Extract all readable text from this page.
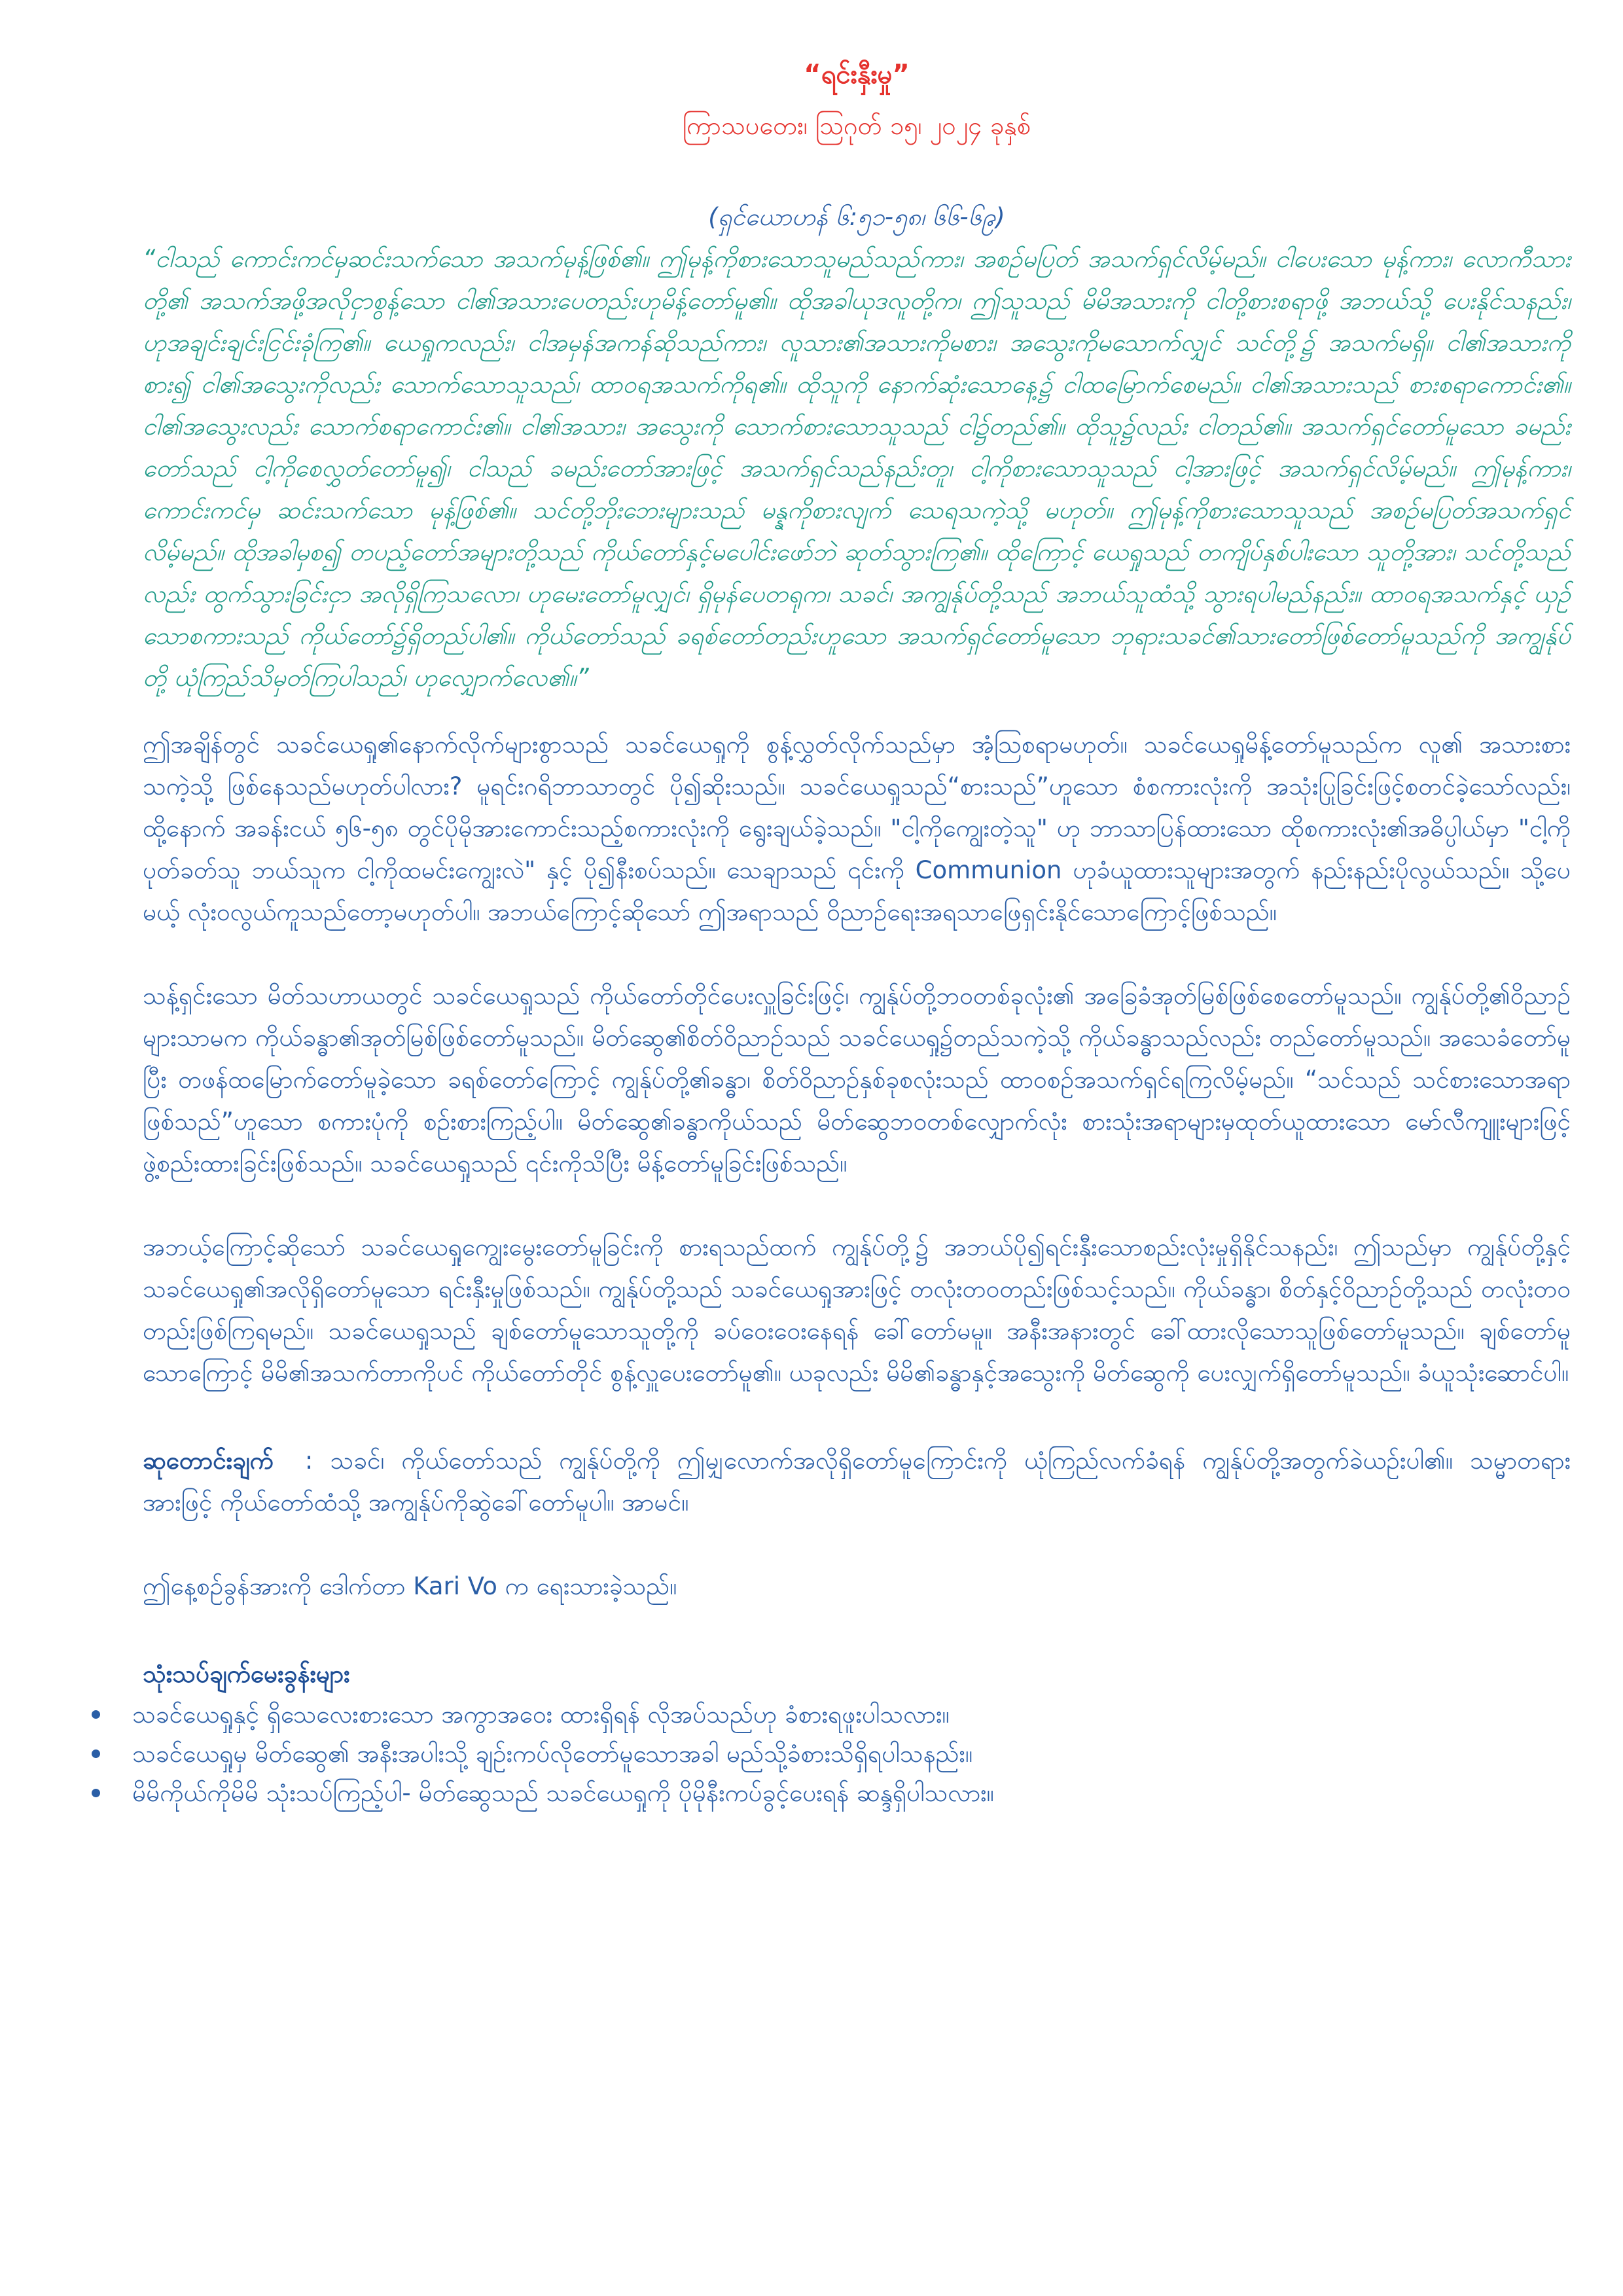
“ရင်းနှီးမှု”

ကြာသပတေး၊ ဩဂုတ် ၁၅၊ ၂၀၂၄ ခုနှစ်

(ရှင်ယောဟန် ၆:၅၁-၅၈၊ ၆၆-၆၉)

“ငါသည် ကောင်းကင်မှဆင်းသက်သော အသက်မုန့်ဖြစ်၏။ ဤမုန့်ကိုစားသောသူမည်သည်ကား၊ အစဉ်မပြတ် အသက်ရှင်လိမ့်မည်။ ငါပေးသော မုန့်ကား၊ လောကီသားတို့၏ အသက်အဖို့အလိုငှာစွန့်သော ငါ၏အသားပေတည်းဟုမိန့်တော်မူ၏။ ထိုအခါယုဒလူတို့က၊ ဤသူသည် မိမိအသားကို ငါတို့စားစရာဖို့ အဘယ်သို့ ပေးနိုင်သနည်း၊ ဟုအချင်းချင်းငြင်းခုံကြ၏။ ယေရှုကလည်း၊ ငါအမှန်အကန်ဆိုသည်ကား၊ လူသား၏အသားကိုမစား၊ အသွေးကိုမသောက်လျှင် သင်တို့၌ အသက်မရှိ။ ငါ၏အသားကိုစား၍ ငါ၏အသွေးကိုလည်း သောက်သောသူသည်၊ ထာဝရအသက်ကိုရ၏။ ထိုသူကို နောက်ဆုံးသောနေ့၌ ငါထမြောက်စေမည်။ ငါ၏အသားသည် စားစရာကောင်း၏။ ငါ၏အသွေးလည်း သောက်စရာကောင်း၏။ ငါ၏အသား၊ အသွေးကို သောက်စားသောသူသည် ငါ၌တည်၏။ ထိုသူ၌လည်း ငါတည်၏။ အသက်ရှင်တော်မူသော ခမည်းတော်သည် ငါ့ကိုစေလွှတ်တော်မူ၍၊ ငါသည် ခမည်းတော်အားဖြင့် အသက်ရှင်သည်နည်းတူ၊ ငါ့ကိုစားသောသူသည် ငါ့အားဖြင့် အသက်ရှင်လိမ့်မည်။ ဤမုန့်ကား၊ ကောင်းကင်မှ ဆင်းသက်သော မုန့်ဖြစ်၏။ သင်တို့ဘိုးဘေးများသည် မန္နကိုစားလျက် သေရသကဲ့သို့ မဟုတ်။ ဤမုန့်ကိုစားသောသူသည် အစဉ်မပြတ်အသက်ရှင်လိမ့်မည်။ ထိုအခါမှစ၍ တပည့်တော်အများတို့သည် ကိုယ်တော်နှင့်မပေါင်းဖော်ဘဲ ဆုတ်သွားကြ၏။ ထိုကြောင့် ယေရှုသည် တကျိပ်နှစ်ပါးသော သူတို့အား၊ သင်တို့သည်လည်း ထွက်သွားခြင်းငှာ အလိုရှိကြသလော၊ ဟုမေးတော်မူလျှင်၊ ရှိမုန်ပေတရုက၊ သခင်၊ အကျွန်ုပ်တို့သည် အဘယ်သူထံသို့ သွားရပါမည်နည်း။ ထာဝရအသက်နှင့် ယှဉ်သောစကားသည် ကိုယ်တော်၌ရှိတည်ပါ၏။ ကိုယ်တော်သည် ခရစ်တော်တည်းဟူသော အသက်ရှင်တော်မူသော ဘုရားသခင်၏သားတော်ဖြစ်တော်မူသည်ကို အကျွန်ုပ်တို့ ယုံကြည်သိမှတ်ကြပါသည်၊ ဟုလျှောက်လေ၏။”

ဤအချိန်တွင် သခင်ယေရှု၏နောက်လိုက်များစွာသည် သခင်ယေရှုကို စွန့်လွှတ်လိုက်သည်မှာ အံ့ဩစရာမဟုတ်။ သခင်ယေရှုမိန့်တော်မူသည်က လူ၏ အသားစားသကဲ့သို့ ဖြစ်နေသည်မဟုတ်ပါလား? မူရင်းဂရိဘာသာတွင် ပို၍ဆိုးသည်။ သခင်ယေရှုသည်“စားသည်”ဟူသော စံစကားလုံးကို အသုံးပြုခြင်းဖြင့်စတင်ခဲ့သော်လည်း၊ ထို့နောက် အခန်းငယ် ၅၆-၅၈ တွင်ပိုမိုအားကောင်းသည့်စကားလုံးကို ရွေးချယ်ခဲ့သည်။ "ငါ့ကိုကျွေးတဲ့သူ" ဟု ဘာသာပြန်ထားသော ထိုစကားလုံး၏အဓိပ္ပါယ်မှာ "ငါ့ကိုပုတ်ခတ်သူ ဘယ်သူက ငါ့ကိုထမင်းကျွေးလဲ" နှင့် ပို၍နီးစပ်သည်။ သေချာသည် ၎င်းကို Communion ဟုခံယူထားသူများအတွက် နည်းနည်းပိုလွယ်သည်။ သို့ပေမယ့် လုံးဝလွယ်ကူသည်တော့မဟုတ်ပါ။ အဘယ်ကြောင့်ဆိုသော် ဤအရာသည် ဝိညာဉ်ရေးအရသာဖြေရှင်းနိုင်သောကြောင့်ဖြစ်သည်။

သန့်ရှင်းသော မိတ်သဟာယတွင် သခင်ယေရှုသည် ကိုယ်တော်တိုင်ပေးလှူခြင်းဖြင့်၊ ကျွန်ုပ်တို့ဘဝတစ်ခုလုံး၏ အခြေခံအုတ်မြစ်ဖြစ်စေတော်မူသည်။ ကျွန်ုပ်တို့၏ဝိညာဉ်များသာမက ကိုယ်ခန္ဓာ၏အုတ်မြစ်ဖြစ်တော်မူသည်။ မိတ်ဆွေ၏စိတ်ဝိညာဉ်သည် သခင်ယေရှု၌တည်သကဲ့သို့ ကိုယ်ခန္ဓာသည်လည်း တည်တော်မူသည်။ အသေခံတော်မူပြီး တဖန်ထမြောက်တော်မူခဲ့သော ခရစ်တော်ကြောင့် ကျွန်ုပ်တို့၏ခန္ဓာ၊ စိတ်ဝိညာဉ်နှစ်ခုစလုံးသည် ထာဝစဉ်အသက်ရှင်ရကြလိမ့်မည်။ “သင်သည် သင်စားသောအရာဖြစ်သည်”ဟူသော စကားပုံကို စဉ်းစားကြည့်ပါ။ မိတ်ဆွေ၏ခန္ဓာကိုယ်သည် မိတ်ဆွေဘဝတစ်လျှောက်လုံး စားသုံးအရာများမှထုတ်ယူထားသော မော်လီကျူးများဖြင့် ဖွဲ့စည်းထားခြင်းဖြစ်သည်။ သခင်ယေရှုသည် ၎င်းကိုသိပြီး မိန့်တော်မူခြင်းဖြစ်သည်။

အဘယ့်ကြောင့်ဆိုသော် သခင်ယေရှုကျွေးမွေးတော်မူခြင်းကို စားရသည်ထက် ကျွန်ုပ်တို့၌ အဘယ်ပို၍ရင်းနှီးသောစည်းလုံးမှုရှိနိုင်သနည်း၊ ဤသည်မှာ ကျွန်ုပ်တို့နှင့် သခင်ယေရှု၏အလိုရှိတော်မူသော ရင်းနှီးမှုဖြစ်သည်။ ကျွန်ုပ်တို့သည် သခင်ယေရှုအားဖြင့် တလုံးတဝတည်းဖြစ်သင့်သည်။ ကိုယ်ခန္ဓာ၊ စိတ်နှင့်ဝိညာဉ်တို့သည် တလုံးတဝတည်းဖြစ်ကြရမည်။ သခင်ယေရှုသည် ချစ်တော်မူသောသူတို့ကို ခပ်ဝေးဝေးနေရန် ခေါ်တော်မမူ။ အနီးအနားတွင် ခေါ်ထားလိုသောသူဖြစ်တော်မူသည်။ ချစ်တော်မူသောကြောင့် မိမိ၏အသက်တာကိုပင် ကိုယ်တော်တိုင် စွန့်လှူပေးတော်မူ၏။ ယခုလည်း မိမိ၏ခန္ဓာနှင့်အသွေးကို မိတ်ဆွေကို ပေးလျှက်ရှိတော်မူသည်။ ခံယူသုံးဆောင်ပါ။

ဆုတောင်းချက် : သခင်၊ ကိုယ်တော်သည် ကျွန်ုပ်တို့ကို ဤမျှလောက်အလိုရှိတော်မူကြောင်းကို ယုံကြည်လက်ခံရန် ကျွန်ုပ်တို့အတွက်ခဲယဉ်းပါ၏။ သမ္မာတရားအားဖြင့် ကိုယ်တော်ထံသို့ အကျွန်ုပ်ကိုဆွဲခေါ်တော်မူပါ။ အာမင်။

ဤနေ့စဉ်ခွန်အားကို ဒေါက်တာ Kari Vo က ရေးသားခဲ့သည်။

သုံးသပ်ချက်မေးခွန်းများ
သခင်ယေရှုနှင့် ရှိသေလေးစားသော အကွာအဝေး ထားရှိရန် လိုအပ်သည်ဟု ခံစားရဖူးပါသလား။
သခင်ယေရှုမှ မိတ်ဆွေ၏ အနီးအပါးသို့ ချဉ်းကပ်လိုတော်မူသောအခါ မည်သို့ခံစားသိရှိရပါသနည်း။
မိမိကိုယ်ကိုမိမိ သုံးသပ်ကြည့်ပါ- မိတ်ဆွေသည် သခင်ယေရှုကို ပိုမိုနီးကပ်ခွင့်ပေးရန် ဆန္ဒရှိပါသလား။
